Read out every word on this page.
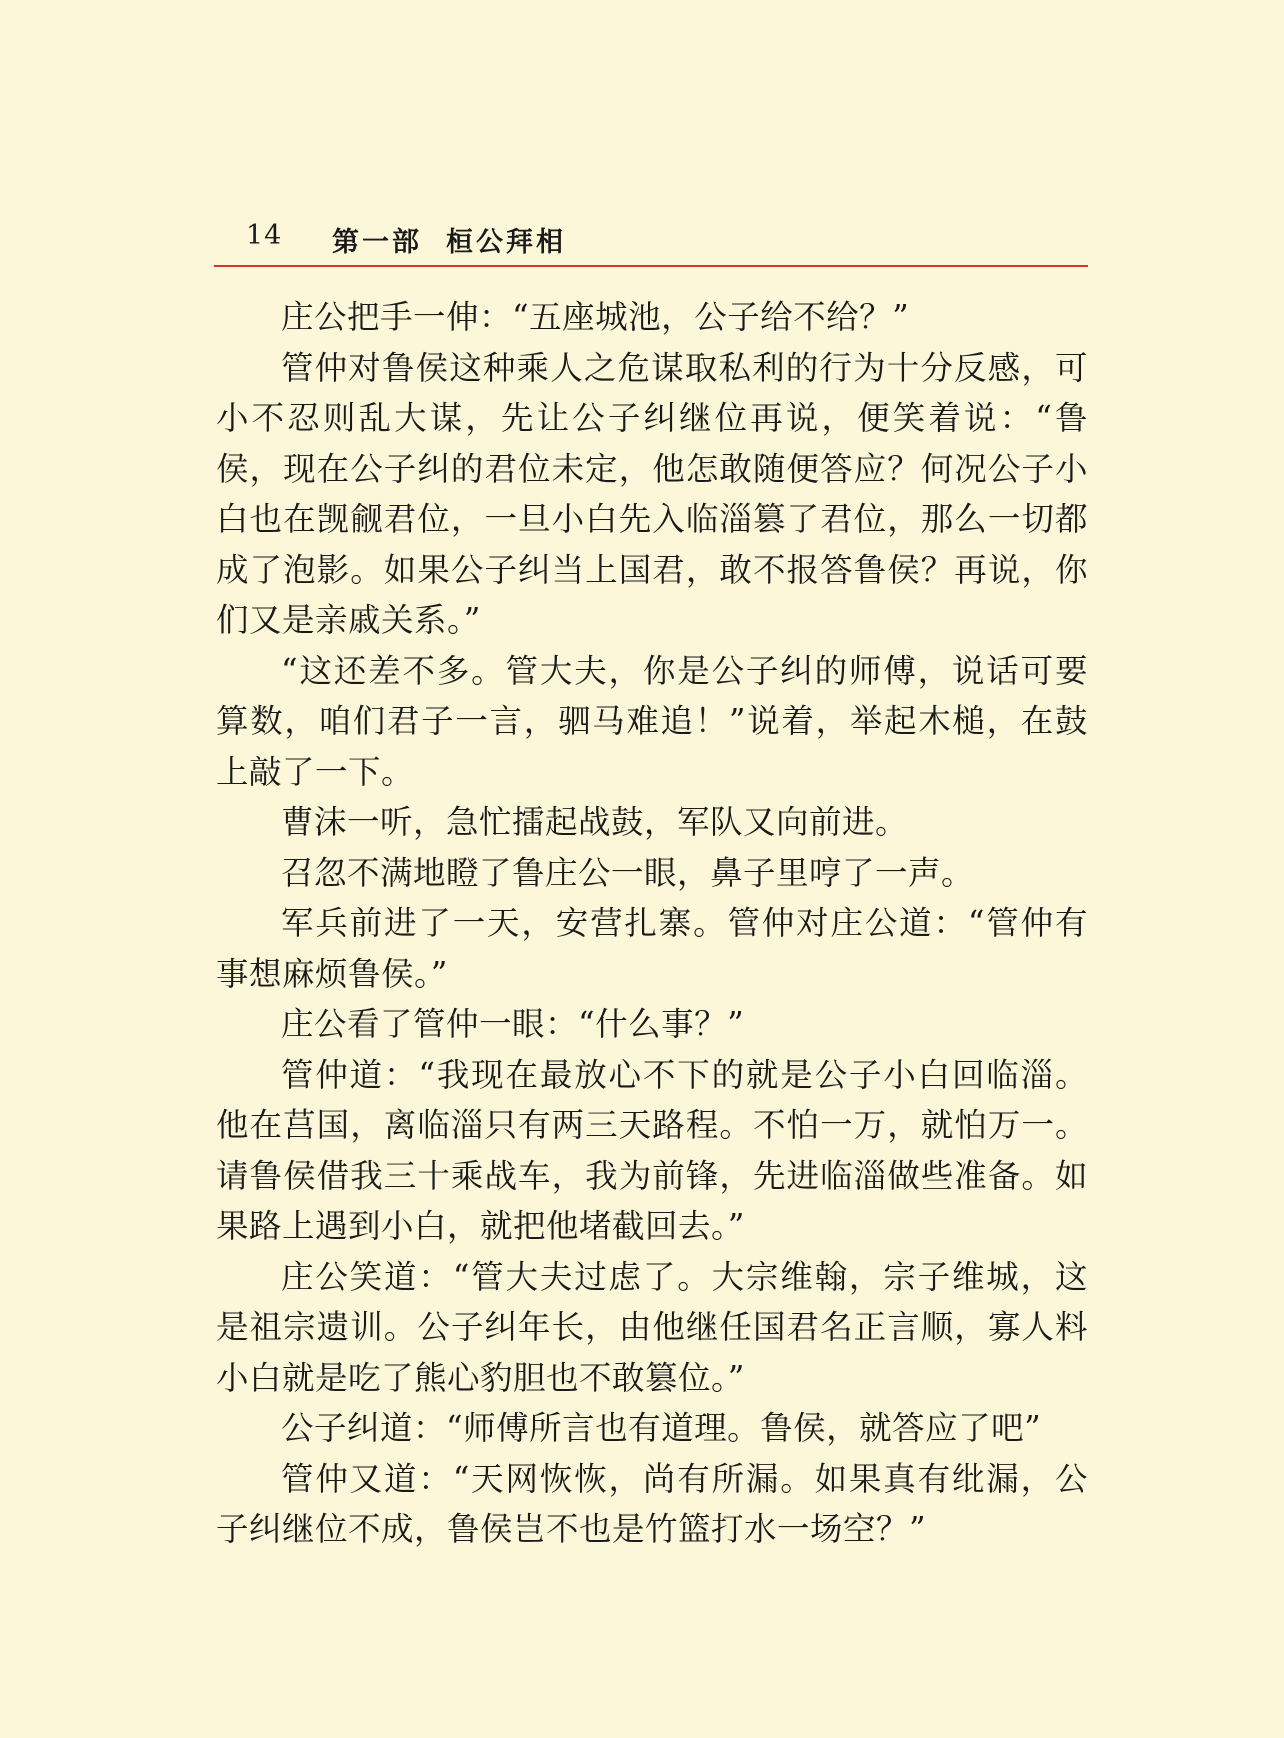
14 第一部 桓公拜相

庄公把手一伸：“五座城池，公子给不给？”

管仲对鲁侯这种乘人之危谋取私利的行为十分反感，可小不忍则乱大谋，先让公子纠继位再说，便笑着说：“鲁侯，现在公子纠的君位未定，他怎敢随便答应？何况公子小白也在觊觎君位，一旦小白先入临淄篡了君位，那么一切都成了泡影。如果公子纠当上国君，敢不报答鲁侯？再说，你们又是亲戚关系。”

“这还差不多。管大夫，你是公子纠的师傅，说话可要算数，咱们君子一言，驷马难追！”说着，举起木槌，在鼓上敲了一下。

曹沫一听，急忙擂起战鼓，军队又向前进。

召忽不满地瞪了鲁庄公一眼，鼻子里哼了一声。

军兵前进了一天，安营扎寨。管仲对庄公道：“管仲有事想麻烦鲁侯。”

庄公看了管仲一眼：“什么事？”

管仲道：“我现在最放心不下的就是公子小白回临淄。他在莒国，离临淄只有两三天路程。不怕一万，就怕万一。请鲁侯借我三十乘战车，我为前锋，先进临淄做些准备。如果路上遇到小白，就把他堵截回去。”

庄公笑道：“管大夫过虑了。大宗维翰，宗子维城，这是祖宗遗训。公子纠年长，由他继任国君名正言顺，寡人料小白就是吃了熊心豹胆也不敢篡位。”

公子纠道：“师傅所言也有道理。鲁侯，就答应了吧”

管仲又道：“天网恢恢，尚有所漏。如果真有纰漏，公子纠继位不成，鲁侯岂不也是竹篮打水一场空？”
